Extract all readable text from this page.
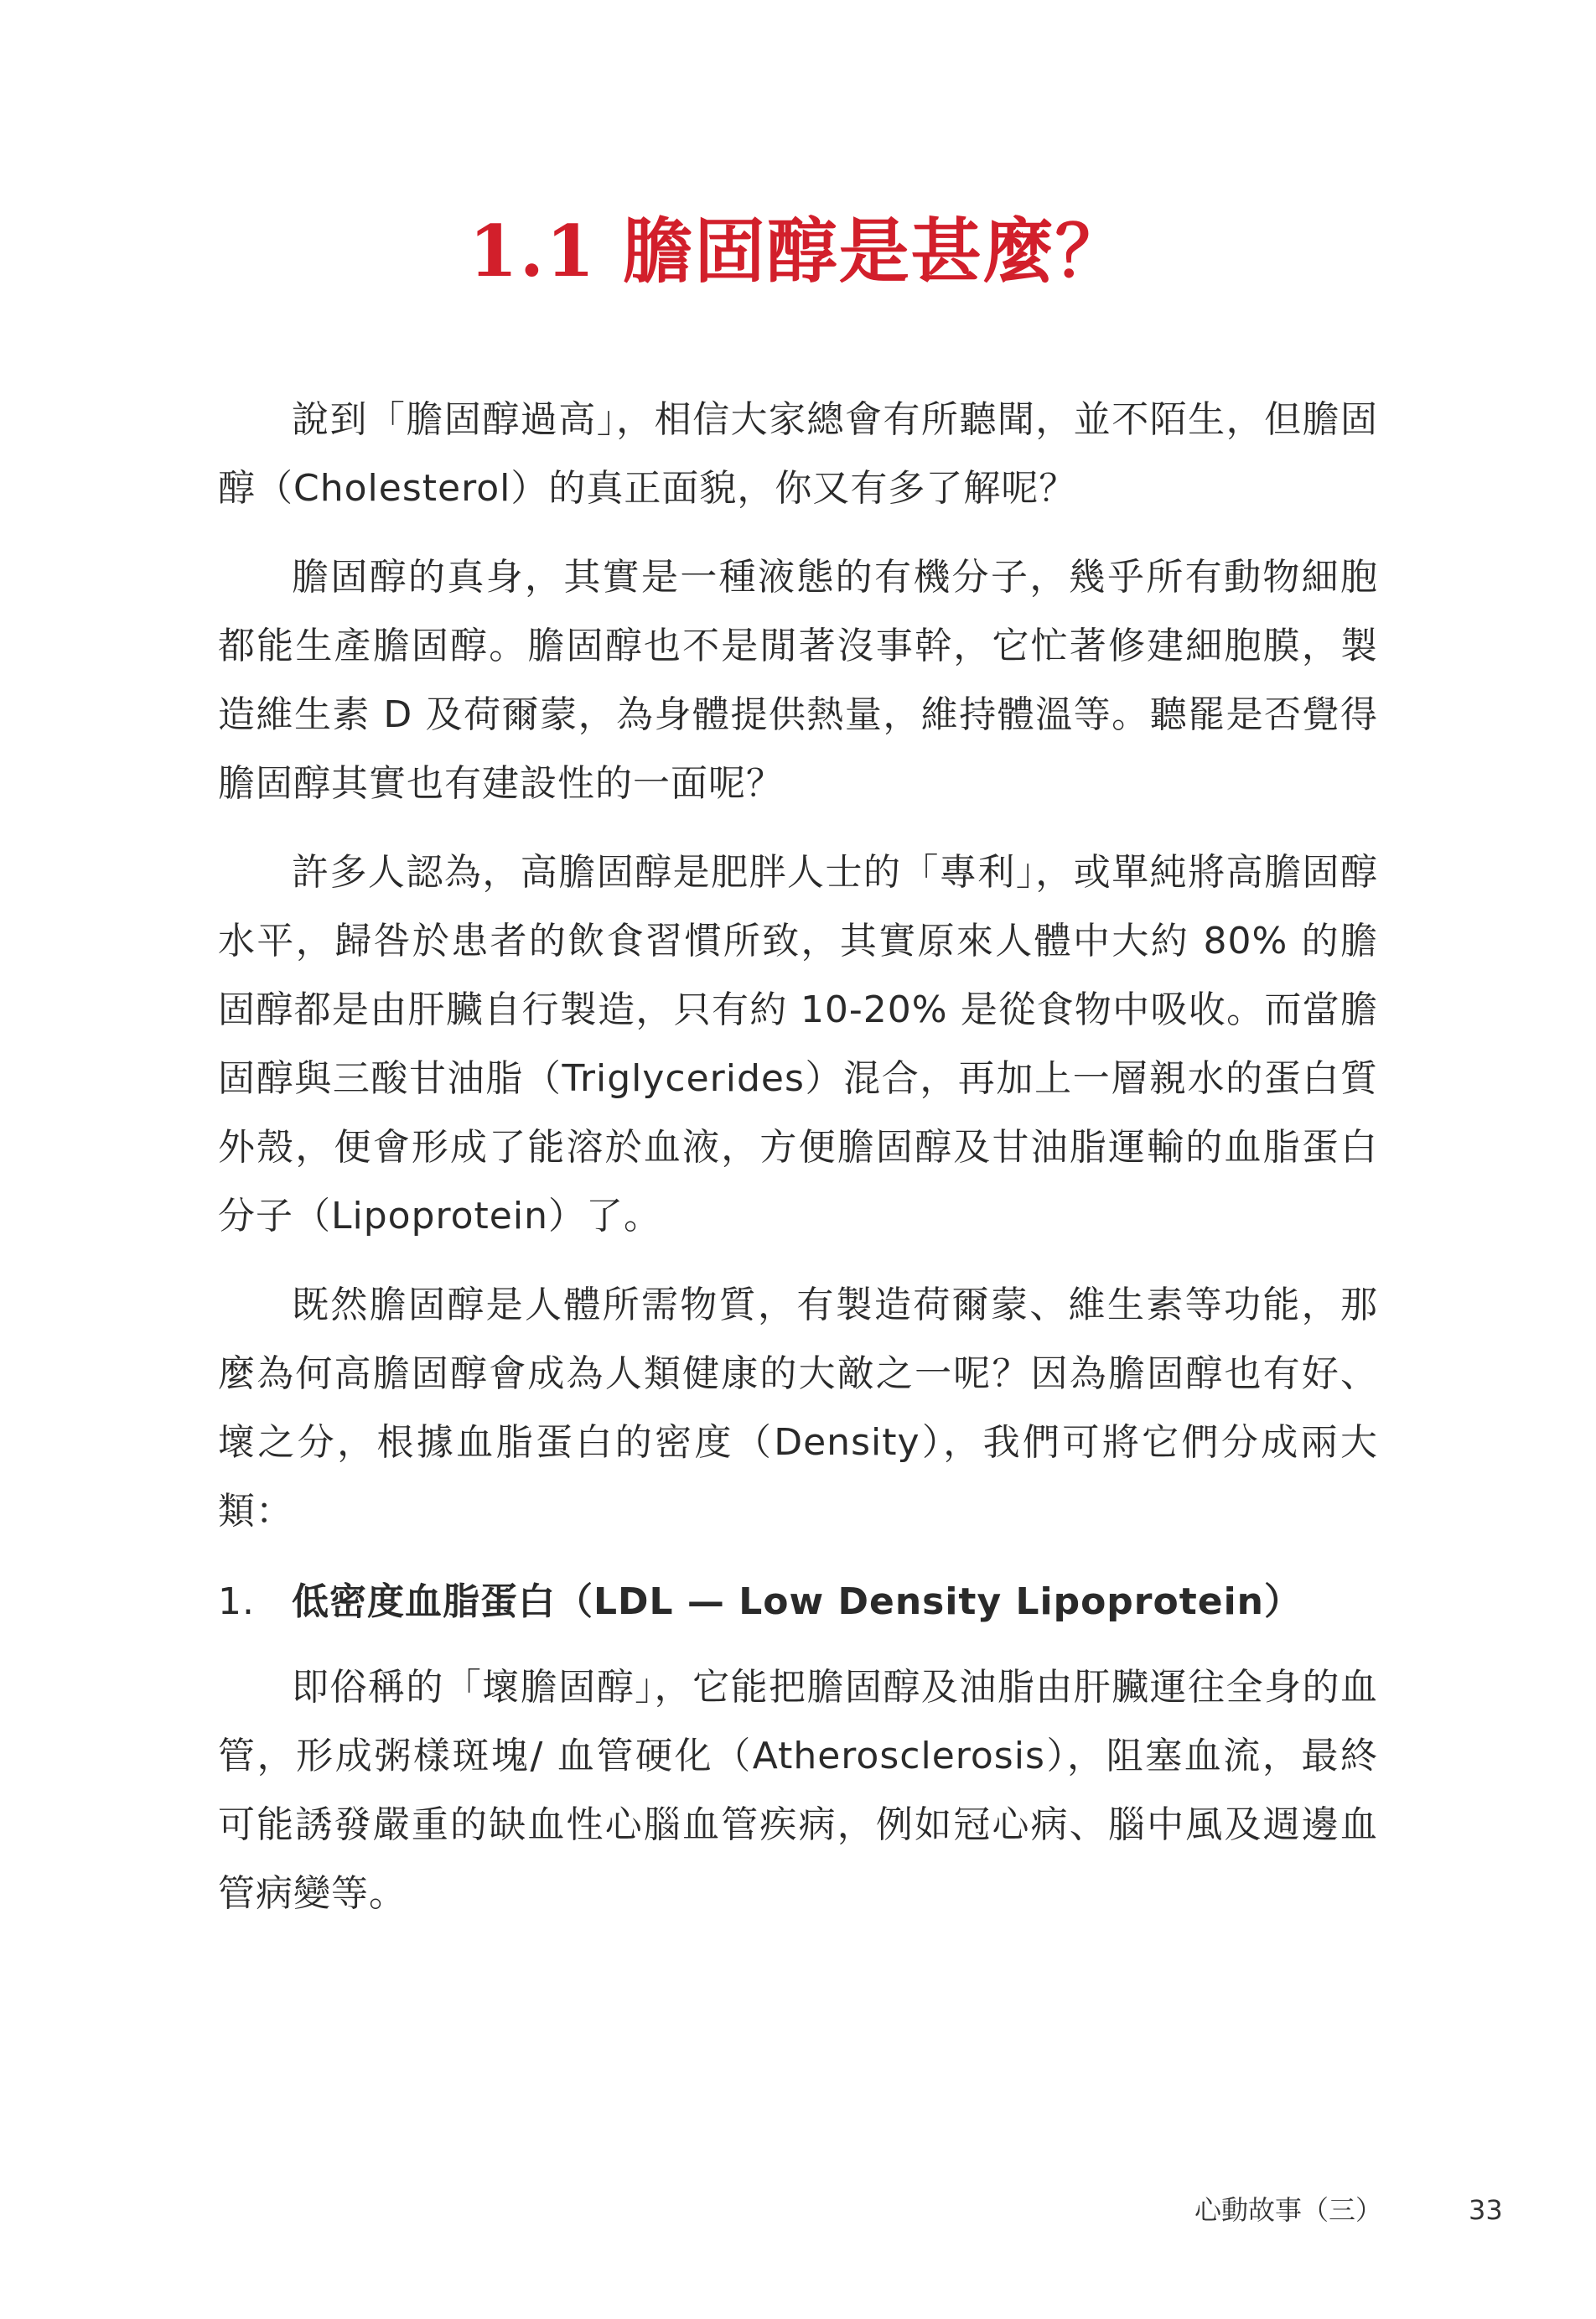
1.1 膽固醇是甚麼？

說到「膽固醇過高」，相信大家總會有所聽聞，並不陌生，但膽固醇（Cholesterol）的真正面貌，你又有多了解呢？

膽固醇的真身，其實是一種液態的有機分子，幾乎所有動物細胞都能生產膽固醇。膽固醇也不是閒著沒事幹，它忙著修建細胞膜，製造維生素 D 及荷爾蒙，為身體提供熱量，維持體溫等。聽罷是否覺得膽固醇其實也有建設性的一面呢？

許多人認為，高膽固醇是肥胖人士的「專利」，或單純將高膽固醇水平，歸咎於患者的飲食習慣所致，其實原來人體中大約 80% 的膽固醇都是由肝臟自行製造，只有約 10-20% 是從食物中吸收。而當膽固醇與三酸甘油脂（Triglycerides）混合，再加上一層親水的蛋白質外殼，便會形成了能溶於血液，方便膽固醇及甘油脂運輸的血脂蛋白分子（Lipoprotein）了。

既然膽固醇是人體所需物質，有製造荷爾蒙、維生素等功能，那麼為何高膽固醇會成為人類健康的大敵之一呢？因為膽固醇也有好、壞之分，根據血脂蛋白的密度（Density），我們可將它們分成兩大類：

1.	低密度血脂蛋白（LDL — Low Density Lipoprotein）

即俗稱的「壞膽固醇」，它能把膽固醇及油脂由肝臟運往全身的血管，形成粥樣斑塊/ 血管硬化（Atherosclerosis），阻塞血流，最終可能誘發嚴重的缺血性心腦血管疾病，例如冠心病、腦中風及週邊血管病變等。

心動故事（三）	33
